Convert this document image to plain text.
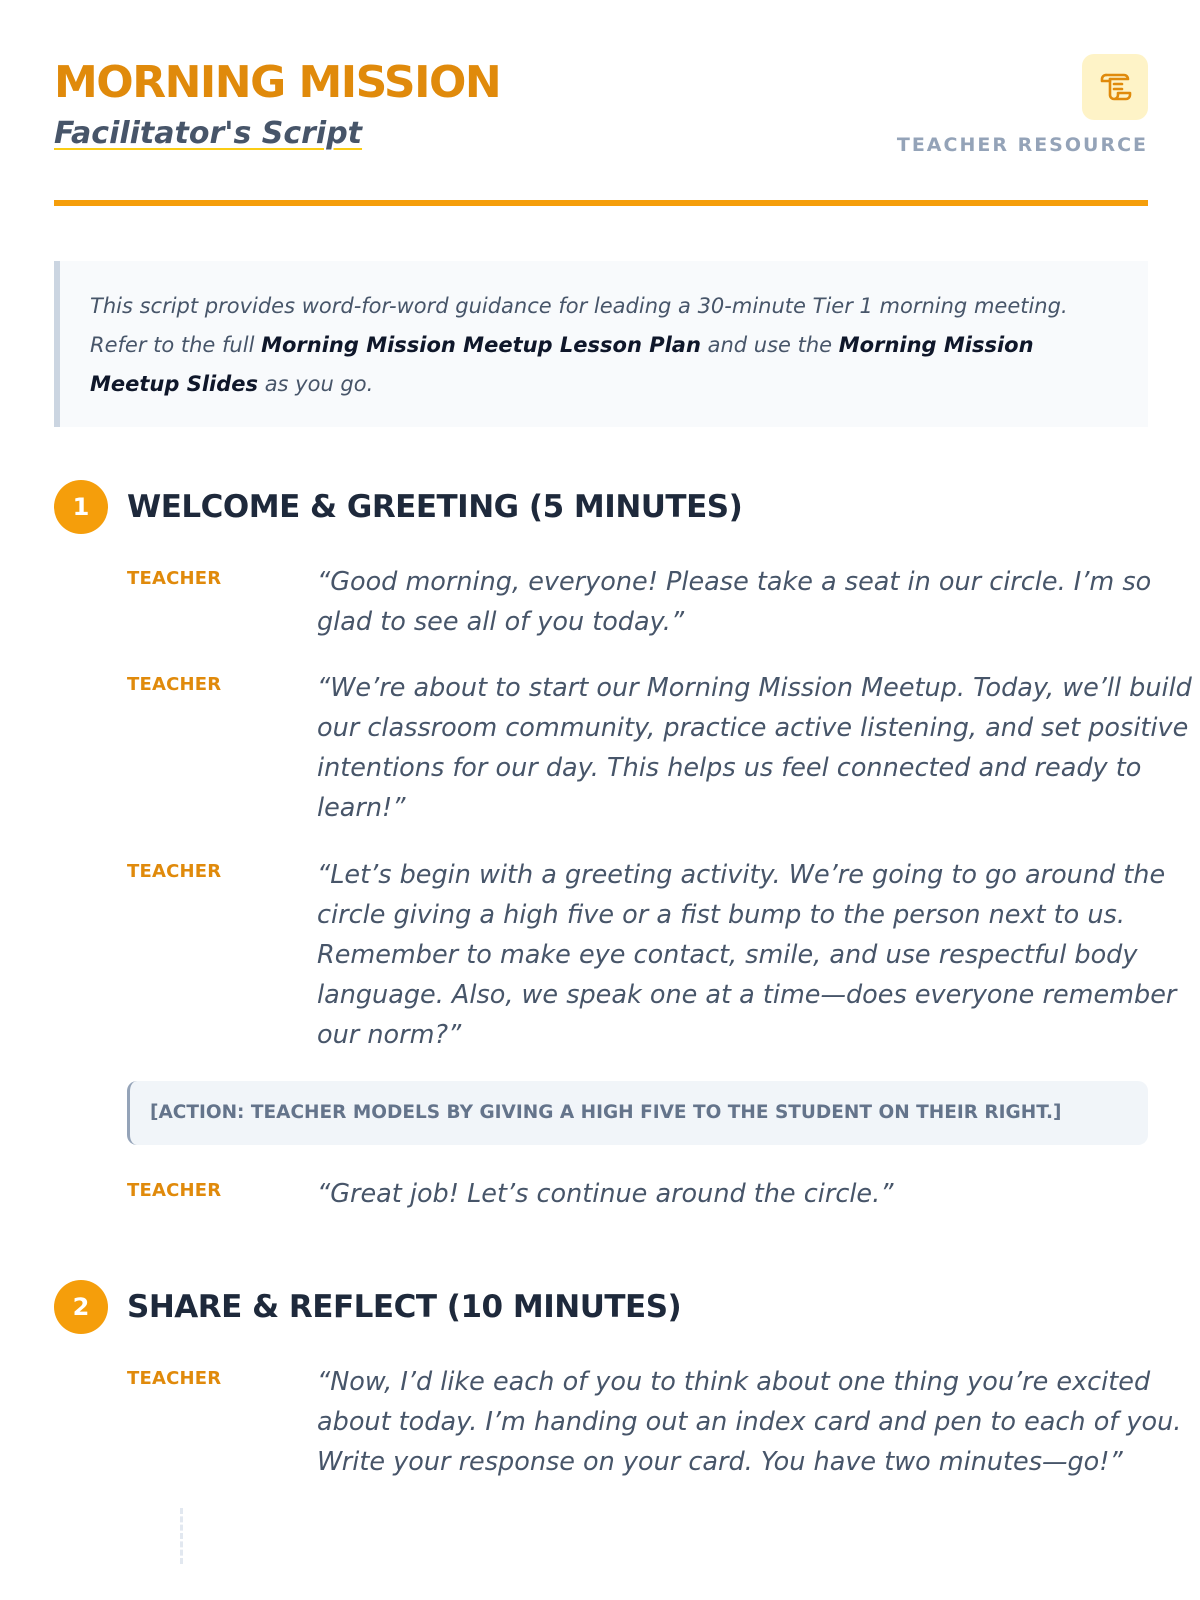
MORNING MISSION
Facilitator's Script	TEACHER RESOURCE
This script provides word-for-word guidance for leading a 30-minute Tier 1 morning meeting. Refer to the full Morning Mission Meetup Lesson Plan and use the Morning Mission Meetup Slides as you go.
1	WELCOME & GREETING (5 MINUTES)
TEACHER	“Good morning, everyone! Please take a seat in our circle. I’m so glad to see all of you today.”

TEACHER	“We’re about to start our Morning Mission Meetup. Today, we’ll build our classroom community, practice active listening, and set positive intentions for our day. This helps us feel connected and ready to learn!”

TEACHER	“Let’s begin with a greeting activity. We’re going to go around the circle giving a high five or a fist bump to the person next to us. Remember to make eye contact, smile, and use respectful body language. Also, we speak one at a time—does everyone remember our norm?”

[ACTION: TEACHER MODELS BY GIVING A HIGH FIVE TO THE STUDENT ON THEIR RIGHT.]
TEACHER	“Great job! Let’s continue around the circle.”

2	SHARE & REFLECT (10 MINUTES)
TEACHER	“Now, I’d like each of you to think about one thing you’re excited about today. I’m handing out an index card and pen to each of you. Write your response on your card. You have two minutes—go!”
